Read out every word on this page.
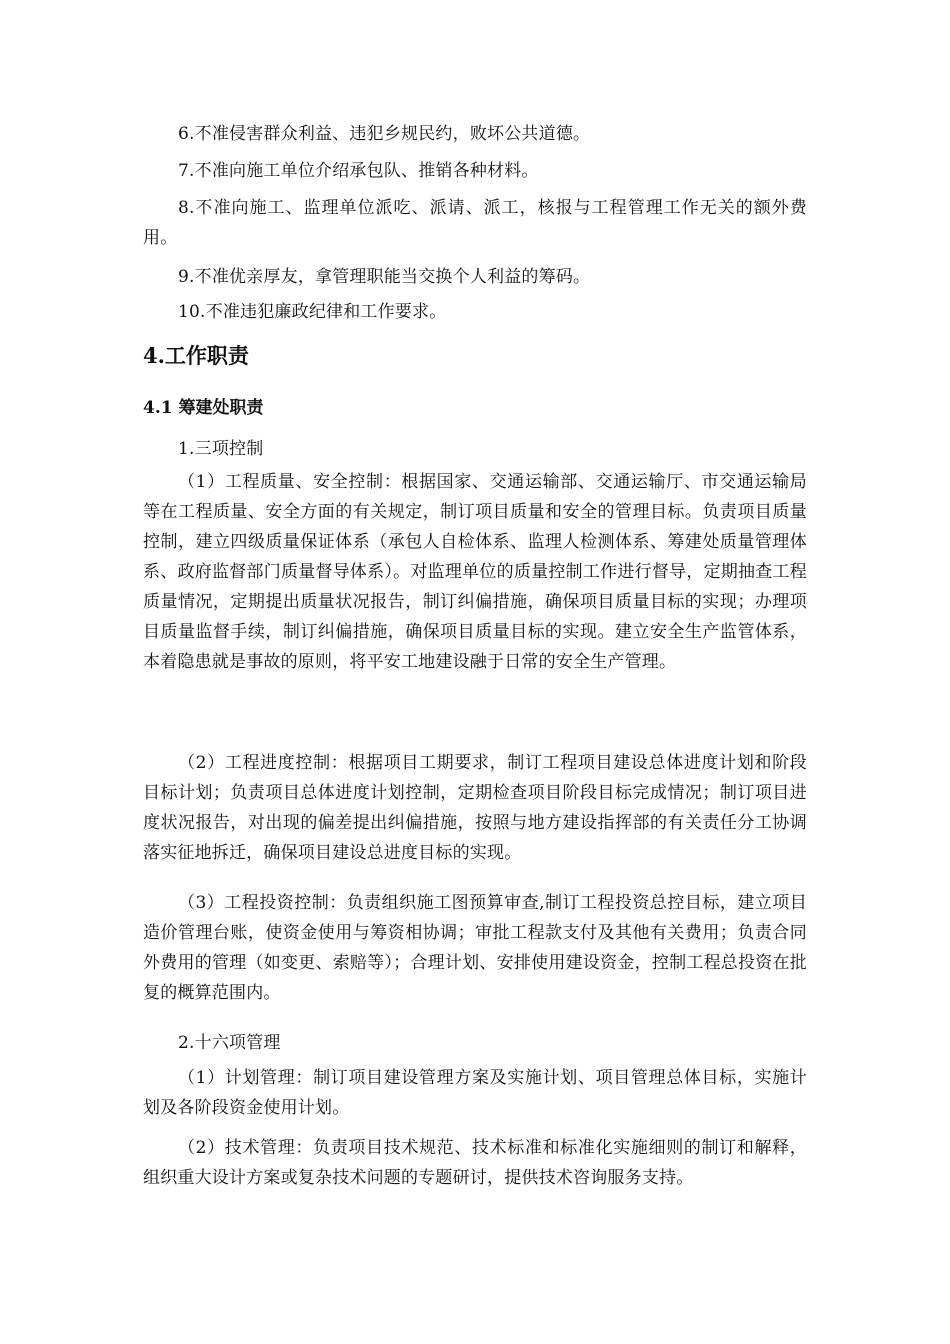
6.不准侵害群众利益、违犯乡规民约，败坏公共道德。

7.不准向施工单位介绍承包队、推销各种材料。

8.不准向施工、监理单位派吃、派请、派工，核报与工程管理工作无关的额外费用。

9.不准优亲厚友，拿管理职能当交换个人利益的筹码。

10.不准违犯廉政纪律和工作要求。

4.工作职责
4.1 筹建处职责

1.三项控制

（1）工程质量、安全控制：根据国家、交通运输部、交通运输厅、市交通运输局等在工程质量、安全方面的有关规定，制订项目质量和安全的管理目标。负责项目质量控制，建立四级质量保证体系（承包人自检体系、监理人检测体系、筹建处质量管理体系、政府监督部门质量督导体系）。对监理单位的质量控制工作进行督导，定期抽查工程质量情况，定期提出质量状况报告，制订纠偏措施，确保项目质量目标的实现；办理项目质量监督手续，制订纠偏措施，确保项目质量目标的实现。建立安全生产监管体系，本着隐患就是事故的原则，将平安工地建设融于日常的安全生产管理。

（2）工程进度控制：根据项目工期要求，制订工程项目建设总体进度计划和阶段目标计划；负责项目总体进度计划控制，定期检查项目阶段目标完成情况；制订项目进度状况报告，对出现的偏差提出纠偏措施，按照与地方建设指挥部的有关责任分工协调落实征地拆迁，确保项目建设总进度目标的实现。

（3）工程投资控制：负责组织施工图预算审查,制订工程投资总控目标，建立项目造价管理台账，使资金使用与筹资相协调；审批工程款支付及其他有关费用；负责合同外费用的管理（如变更、索赔等）；合理计划、安排使用建设资金，控制工程总投资在批复的概算范围内。

2.十六项管理

（1）计划管理：制订项目建设管理方案及实施计划、项目管理总体目标，实施计划及各阶段资金使用计划。

（2）技术管理：负责项目技术规范、技术标准和标准化实施细则的制订和解释，组织重大设计方案或复杂技术问题的专题研讨，提供技术咨询服务支持。
